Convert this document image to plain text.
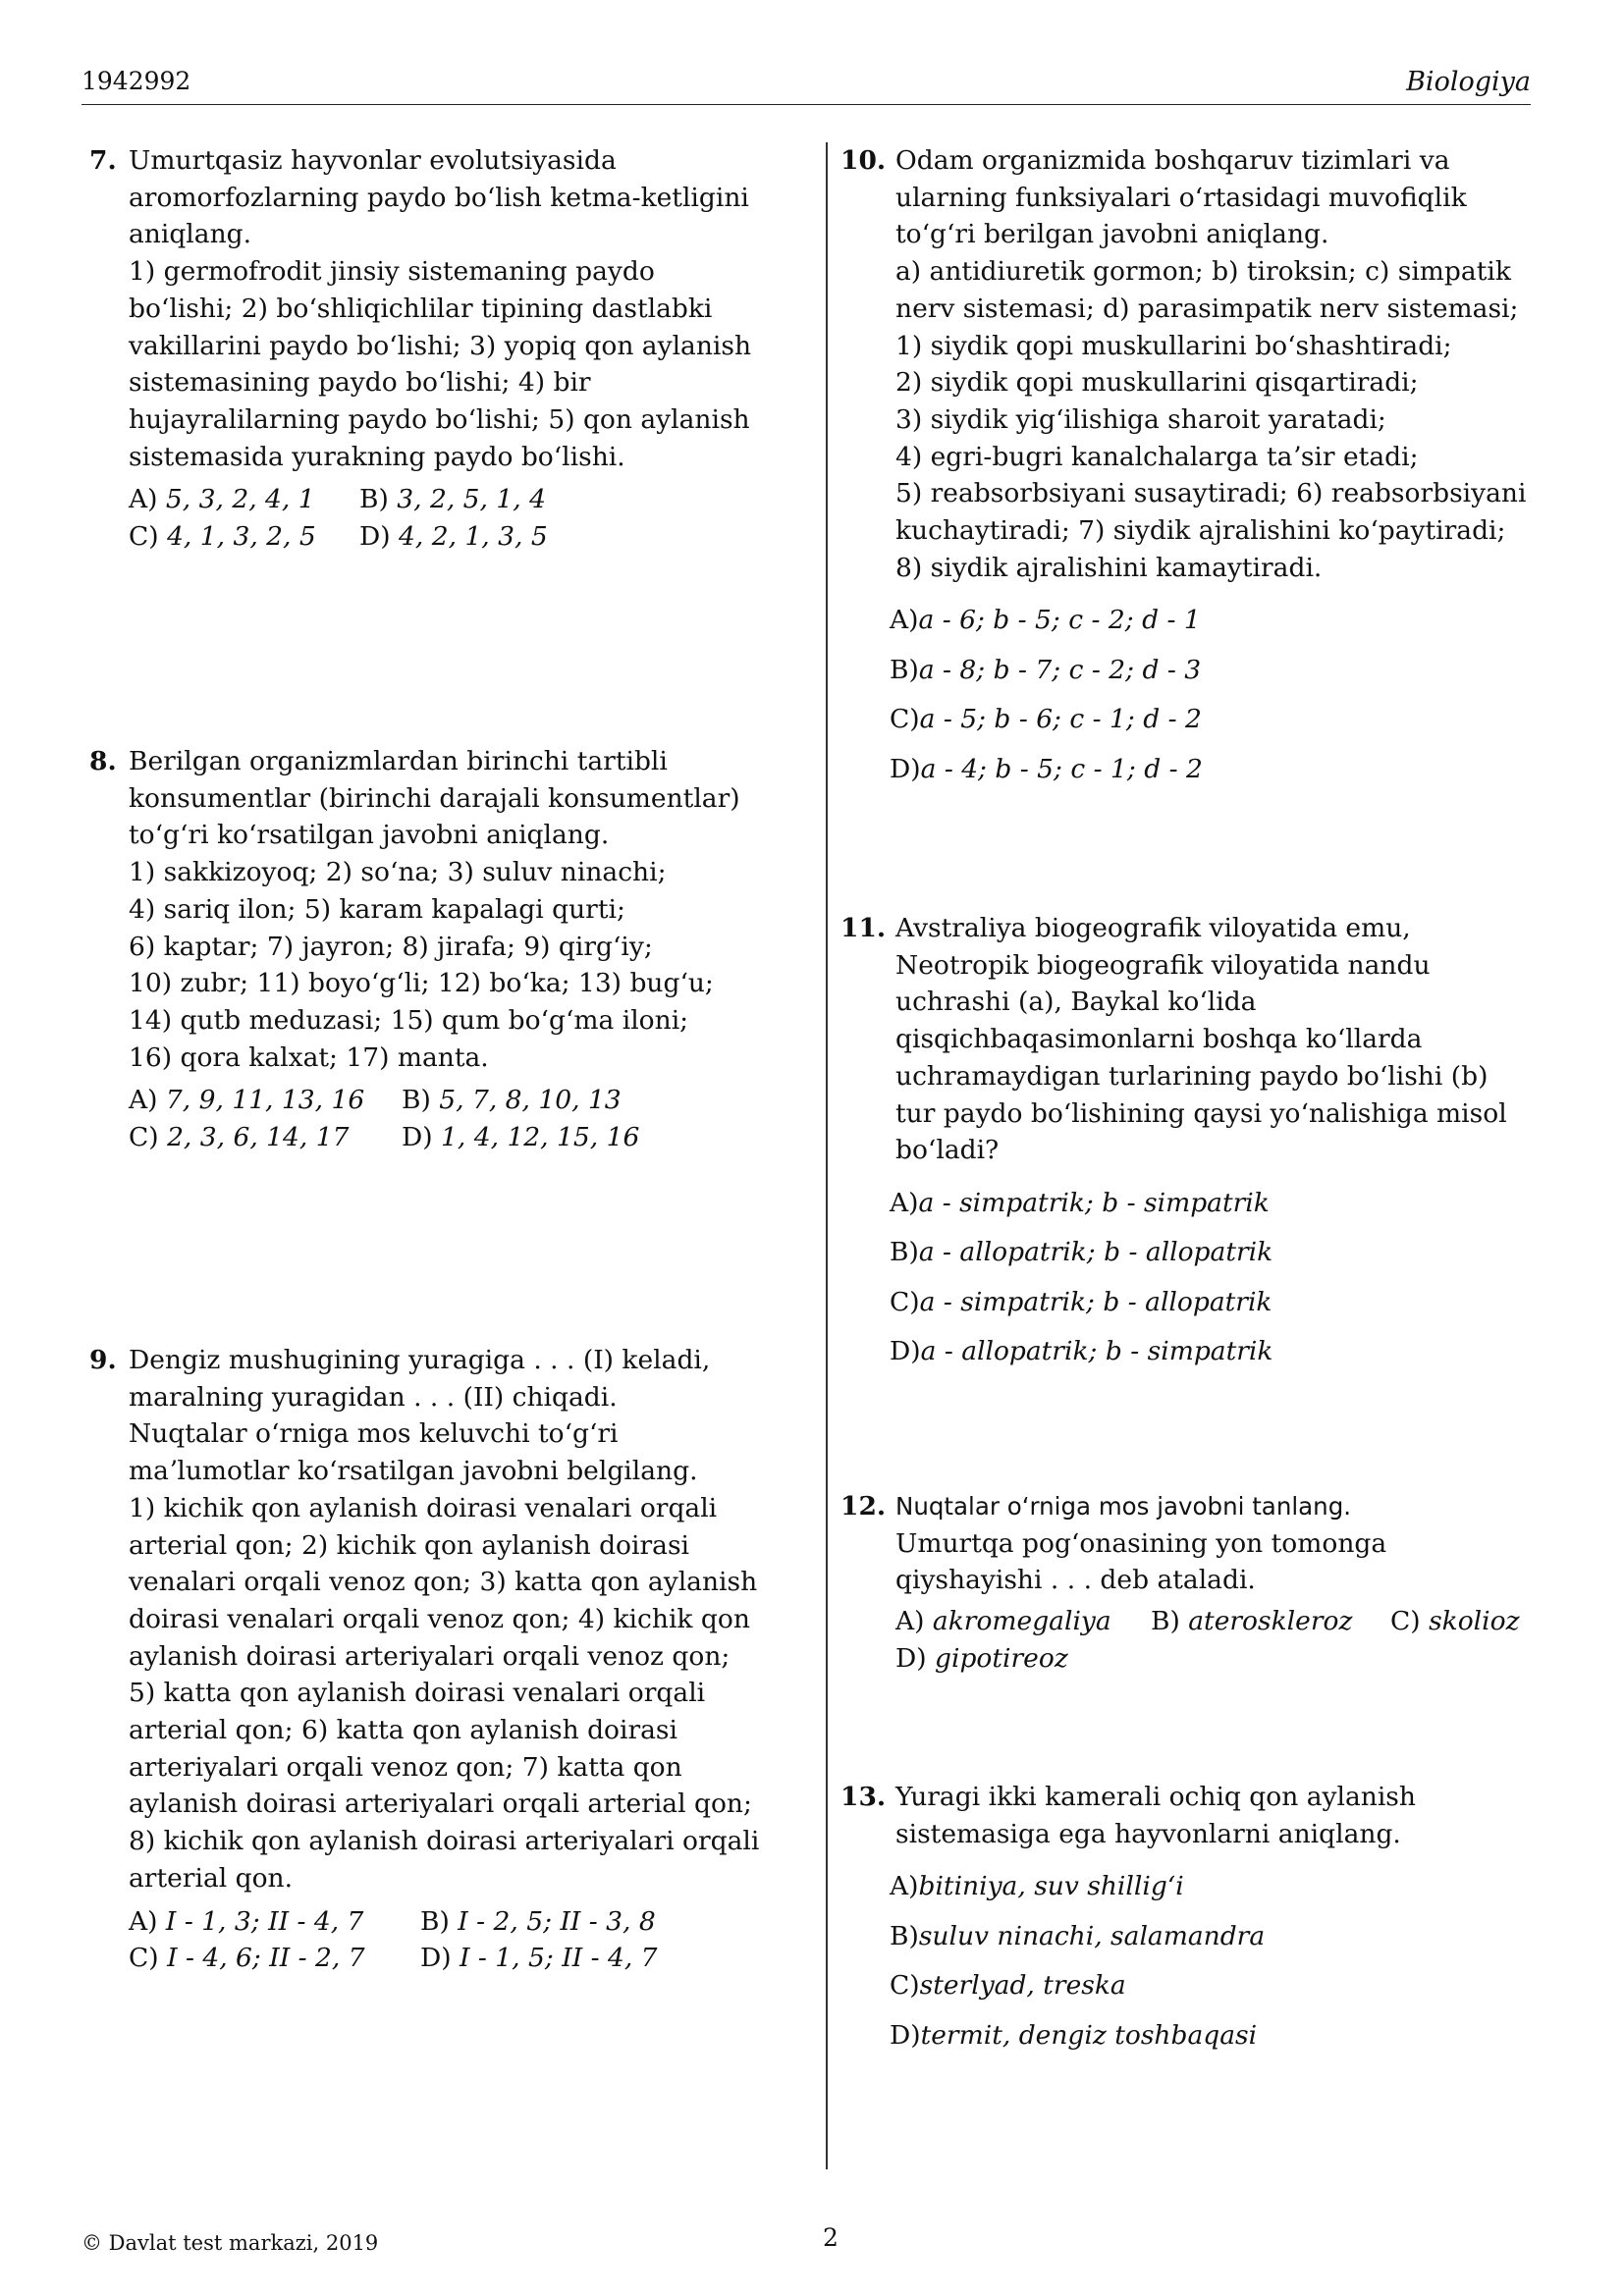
1942992	Biologiya
7. Umurtqasiz hayvonlar evolutsiyasida
aromorfozlarning paydo boʻlish ketma-ketligini
aniqlang.
1) germofrodit jinsiy sistemaning paydo
boʻlishi; 2) boʻshliqichlilar tipining dastlabki
vakillarini paydo boʻlishi; 3) yopiq qon aylanish
sistemasining paydo boʻlishi; 4) bir
hujayralilarning paydo boʻlishi; 5) qon aylanish
sistemasida yurakning paydo boʻlishi.
A) 5, 3, 2, 4, 1	B) 3, 2, 5, 1, 4
C) 4, 1, 3, 2, 5	D) 4, 2, 1, 3, 5
8. Berilgan organizmlardan birinchi tartibli
konsumentlar (birinchi darajali konsumentlar)
toʻgʻri koʻrsatilgan javobni aniqlang.
1) sakkizoyoq; 2) soʻna; 3) suluv ninachi;
4) sariq ilon; 5) karam kapalagi qurti;
6) kaptar; 7) jayron; 8) jirafa; 9) qirgʻiy;
10) zubr; 11) boyoʻgʻli; 12) boʻka; 13) bugʻu;
14) qutb meduzasi; 15) qum boʻgʻma iloni;
16) qora kalxat; 17) manta.
A) 7, 9, 11, 13, 16	B) 5, 7, 8, 10, 13
C) 2, 3, 6, 14, 17	D) 1, 4, 12, 15, 16
9. Dengiz mushugining yuragiga . . . (I) keladi,
maralning yuragidan . . . (II) chiqadi.
Nuqtalar oʻrniga mos keluvchi toʻgʻri
maʼlumotlar koʻrsatilgan javobni belgilang.
1) kichik qon aylanish doirasi venalari orqali
arterial qon; 2) kichik qon aylanish doirasi
venalari orqali venoz qon; 3) katta qon aylanish
doirasi venalari orqali venoz qon; 4) kichik qon
aylanish doirasi arteriyalari orqali venoz qon;
5) katta qon aylanish doirasi venalari orqali
arterial qon; 6) katta qon aylanish doirasi
arteriyalari orqali venoz qon; 7) katta qon
aylanish doirasi arteriyalari orqali arterial qon;
8) kichik qon aylanish doirasi arteriyalari orqali
arterial qon.
A) I - 1, 3; II - 4, 7	B) I - 2, 5; II - 3, 8
C) I - 4, 6; II - 2, 7	D) I - 1, 5; II - 4, 7
10. Odam organizmida boshqaruv tizimlari va
ularning funksiyalari oʻrtasidagi muvofiqlik
toʻgʻri berilgan javobni aniqlang.
a) antidiuretik gormon; b) tiroksin; c) simpatik
nerv sistemasi; d) parasimpatik nerv sistemasi;
1) siydik qopi muskullarini boʻshashtiradi;
2) siydik qopi muskullarini qisqartiradi;
3) siydik yigʻilishiga sharoit yaratadi;
4) egri-bugri kanalchalarga taʼsir etadi;
5) reabsorbsiyani susaytiradi; 6) reabsorbsiyani
kuchaytiradi; 7) siydik ajralishini koʻpaytiradi;
8) siydik ajralishini kamaytiradi.
A)a - 6; b - 5; c - 2; d - 1
B)a - 8; b - 7; c - 2; d - 3
C)a - 5; b - 6; c - 1; d - 2
D)a - 4; b - 5; c - 1; d - 2
11. Avstraliya biogeografik viloyatida emu,
Neotropik biogeografik viloyatida nandu
uchrashi (a), Baykal koʻlida
qisqichbaqasimonlarni boshqa koʻllarda
uchramaydigan turlarining paydo boʻlishi (b)
tur paydo boʻlishining qaysi yoʻnalishiga misol
boʻladi?
A)a - simpatrik; b - simpatrik
B)a - allopatrik; b - allopatrik
C)a - simpatrik; b - allopatrik
D)a - allopatrik; b - simpatrik
12. Nuqtalar oʻrniga mos javobni tanlang.
Umurtqa pogʻonasining yon tomonga
qiyshayishi . . . deb ataladi.
A) akromegaliya	B) ateroskleroz	C) skolioz
D) gipotireoz
13. Yuragi ikki kamerali ochiq qon aylanish
sistemasiga ega hayvonlarni aniqlang.
A)bitiniya, suv shilligʻi
B)suluv ninachi, salamandra
C)sterlyad, treska
D)termit, dengiz toshbaqasi
© Davlat test markazi, 2019	2
